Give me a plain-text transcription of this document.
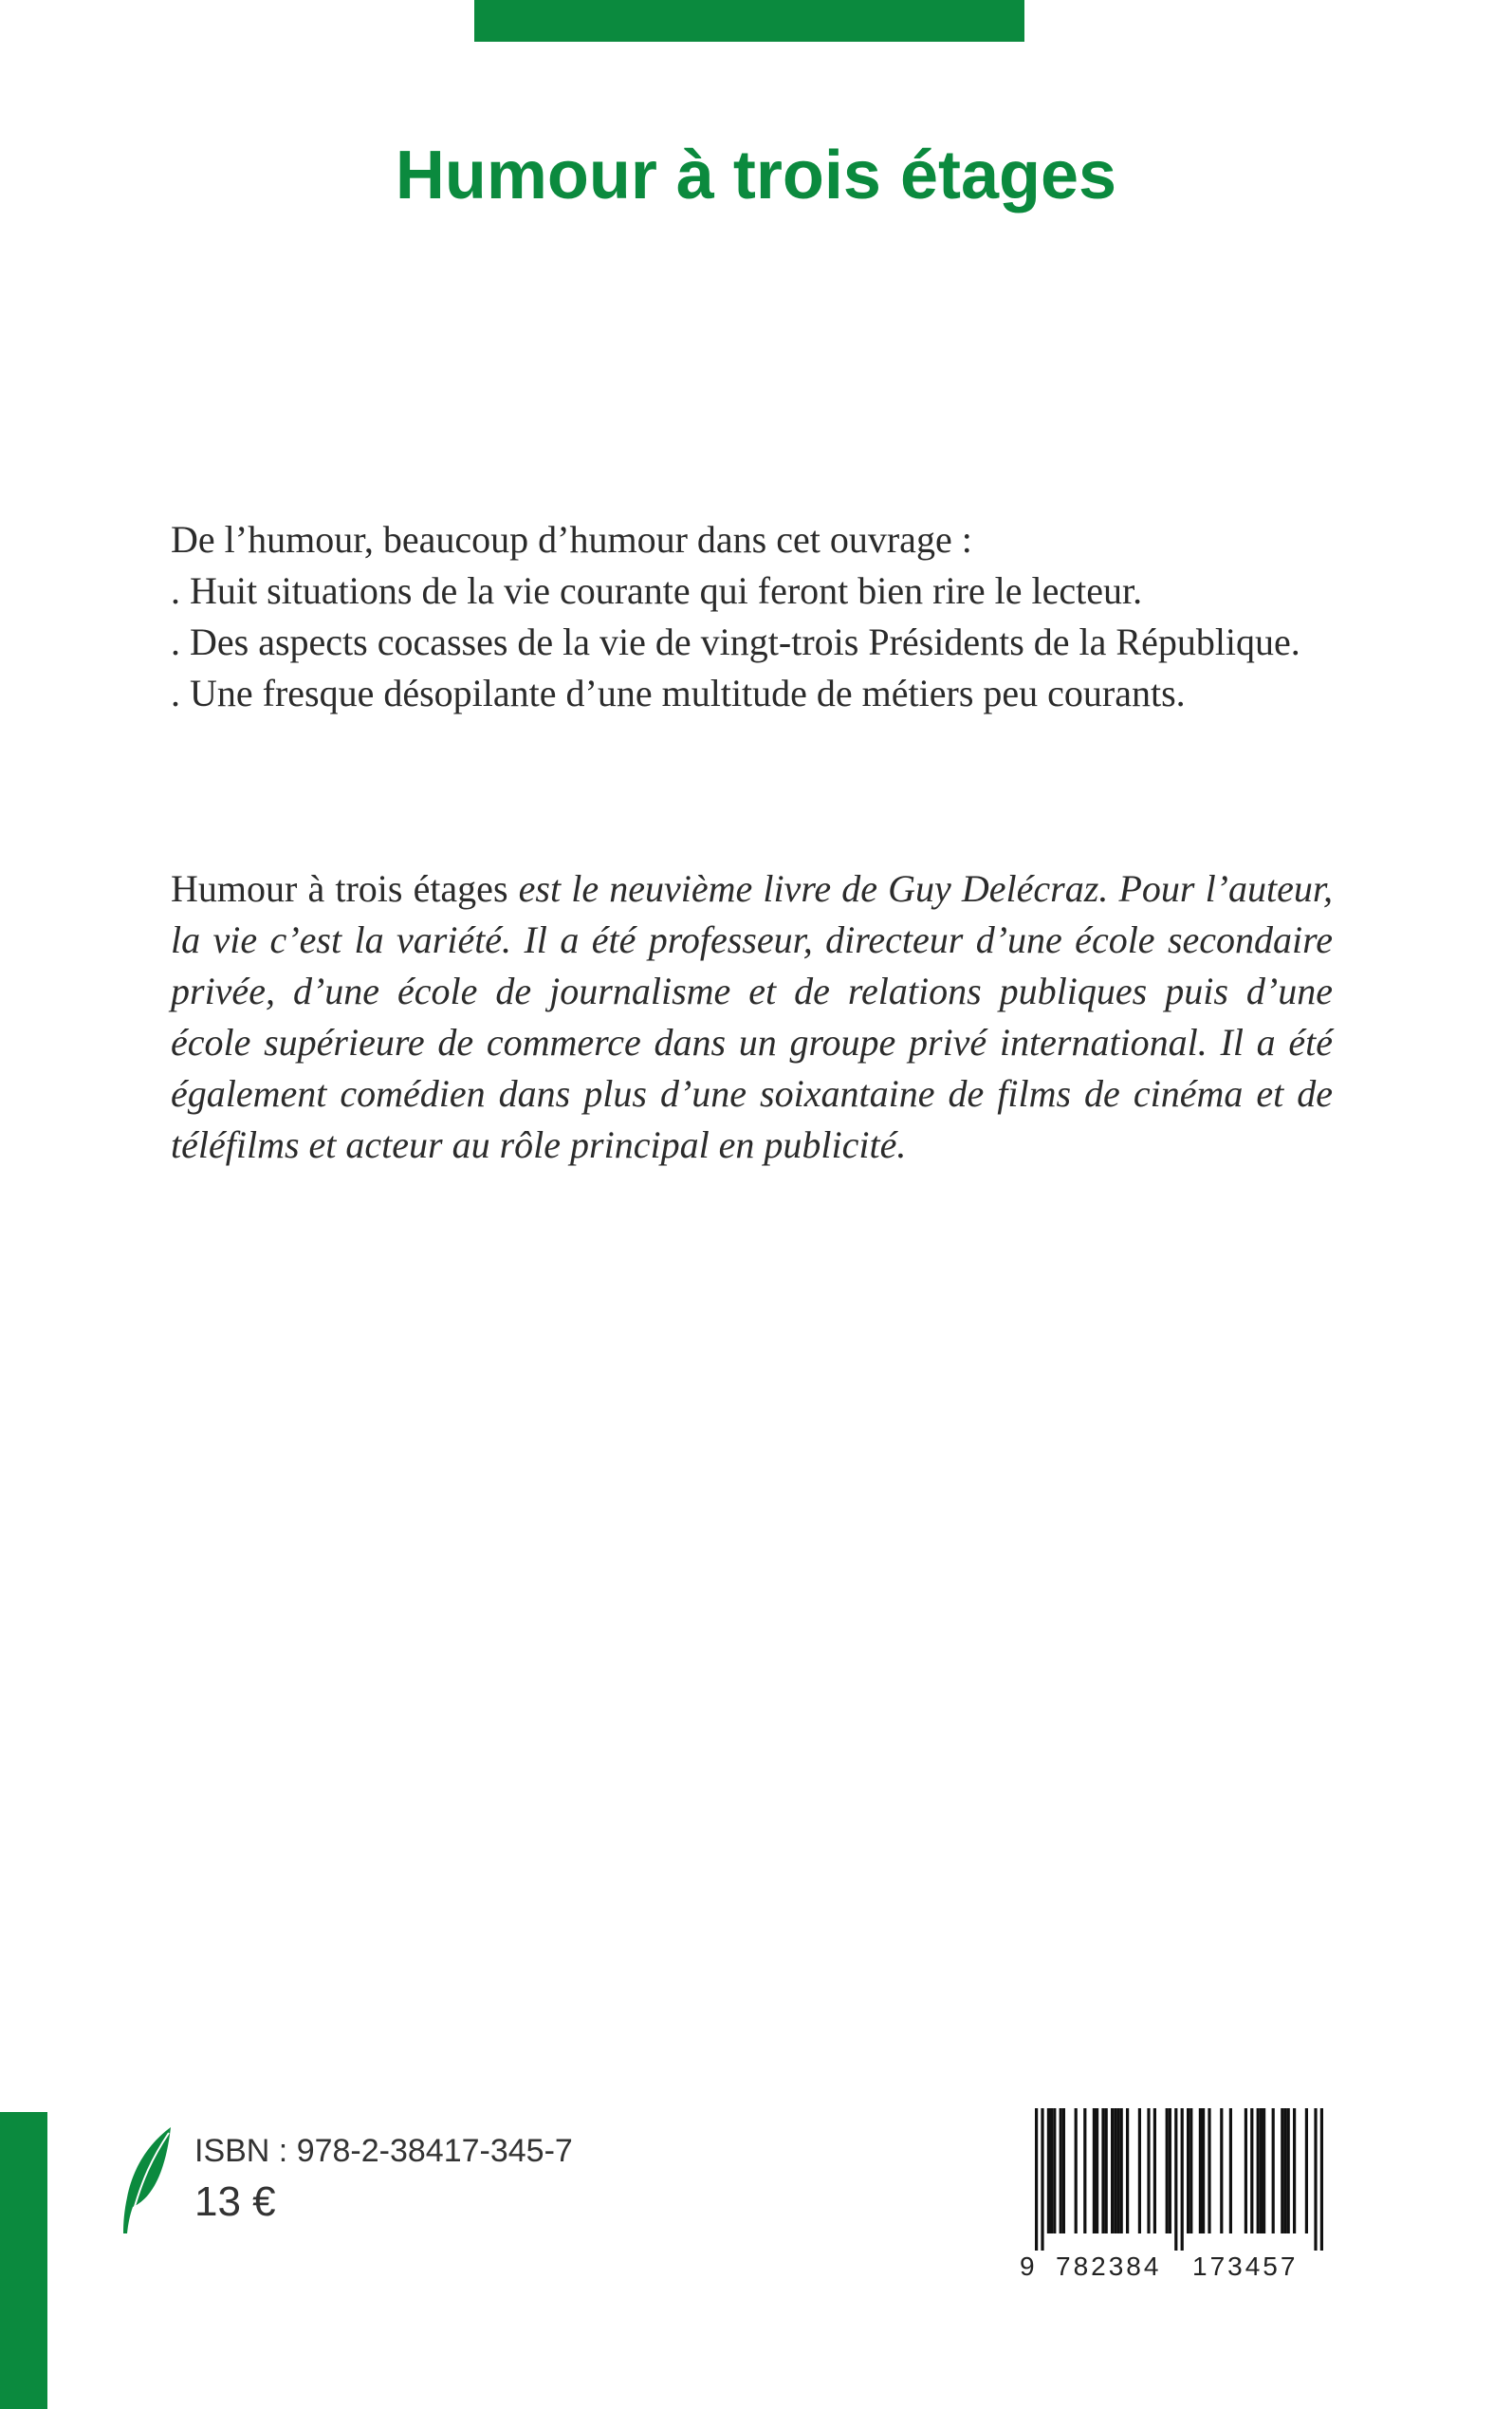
Humour à trois étages
De l’humour, beaucoup d’humour dans cet ouvrage :
. Huit situations de la vie courante qui feront bien rire le lecteur.
. Des aspects cocasses de la vie de vingt-trois Présidents de la République.
. Une fresque désopilante d’une multitude de métiers peu courants.

Humour à trois étages est le neuvième livre de Guy Delécraz. Pour l’auteur, la vie c’est la variété. Il a été professeur, directeur d’une école secondaire privée, d’une école de journalisme et de relations publiques puis d’une école supérieure de commerce dans un groupe privé international. Il a été également comédien dans plus d’une soixantaine de films de cinéma et de téléfilms et acteur au rôle principal en publicité.

ISBN : 978-2-38417-345-7
13 €
9 782384 173457
